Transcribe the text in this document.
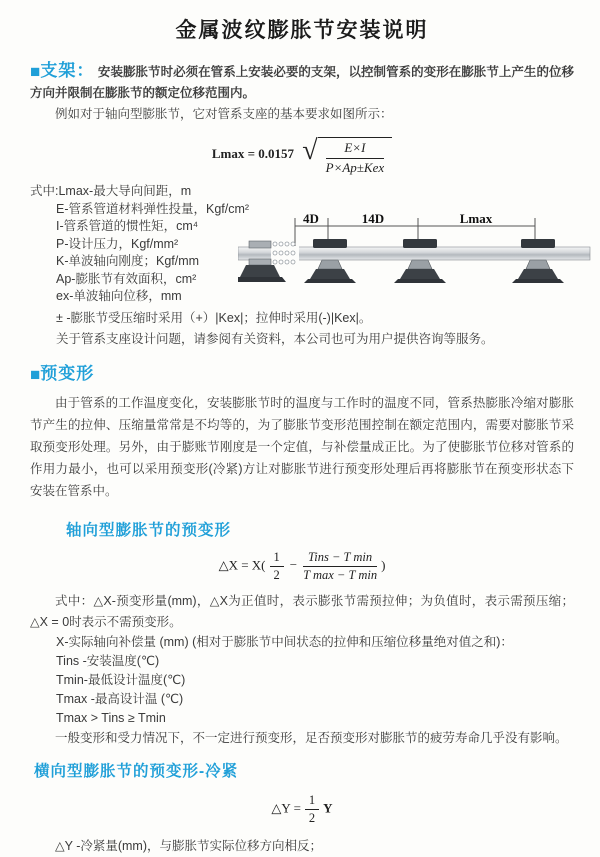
金属波纹膨胀节安装说明

■支架： 安装膨胀节时必须在管系上安装必要的支架，以控制管系的变形在膨胀节上产生的位移方向并限制在膨胀节的额定位移范围内。

例如对于轴向型膨胀节，它对管系支座的基本要求如图所示：

Lmax = 0.0157 √	E×I
P×Ap±Kex
式中:Lmax-最大导向间距，m
E-管系管道材料弹性投量，Kgf/cm²
I-管系管道的惯性矩，cm⁴
P-设计压力，Kgf/mm²
K-单波轴向刚度；Kgf/mm
Ap-膨胀节有效面积，cm²
ex-单波轴向位移，mm
± -膨胀节受压缩时采用（+）|Kex|；拉伸时采用(-)|Kex|。
关于管系支座设计问题，请参阅有关资料，本公司也可为用户提供咨询等服务。
4D	14D	Lmax

■预变形

由于管系的工作温度变化，安装膨胀节时的温度与工作时的温度不同，管系热膨胀冷缩对膨胀节产生的拉伸、压缩量常常是不均等的，为了膨胀节变形范围控制在额定范围内，需要对膨胀节采取预变形处理。另外，由于膨账节刚度是一个定值，与补偿量成正比。为了使膨胀节位移对管系的作用力最小，也可以采用预变形(冷紧)方让对膨胀节进行预变形处理后再将膨胀节在预变形状态下安装在管系中。

轴向型膨胀节的预变形
△X = $X( \frac{1}{2} - \frac{\text{Tins − T min}}{\text{T max − T min}}$ )

式中：△X-预变形量(mm)，△X为正值时，表示膨张节需预拉伸；为负值时，表示需预压缩；△X = 0时表示不需预变形。

X-实际轴向补偿量 (mm) (相对于膨胀节中间状态的拉伸和压缩位移量绝对值之和)：
Tins -安装温度(℃)
Tmin-最低设计温度(℃)
Tmax -最高设计温 (℃)
Tmax > Tins ≥ Tmin

一般变形和受力情况下，不一定进行预变形，足否预变形对膨胀节的疲劳寿命几乎没有影响。

横向型膨胀节的预变形-冷紧
△Y = $\frac{1}{2}$ Y

△Y -冷紧量(mm)，与膨胀节实际位移方向相反；
